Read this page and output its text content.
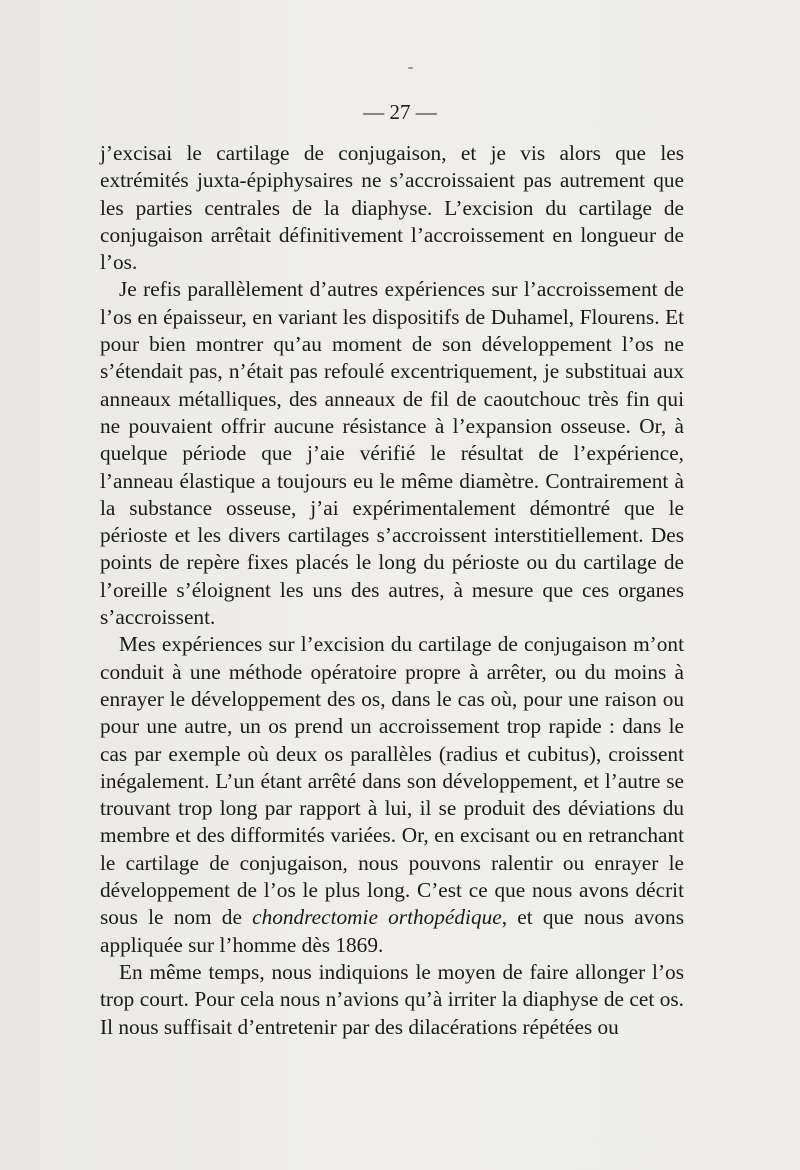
— 27 —

j’excisai le cartilage de conjugaison, et je vis alors que les extrémités juxta-épiphysaires ne s’accroissaient pas autrement que les parties centrales de la diaphyse. L’excision du cartilage de conjugaison arrêtait définitivement l’accroissement en longueur de l’os.

Je refis parallèlement d’autres expériences sur l’accroissement de l’os en épaisseur, en variant les dispositifs de Duhamel, Flourens. Et pour bien montrer qu’au moment de son développement l’os ne s’étendait pas, n’était pas refoulé excentriquement, je substituai aux anneaux métalliques, des anneaux de fil de caoutchouc très fin qui ne pouvaient offrir aucune résistance à l’expansion osseuse. Or, à quelque période que j’aie vérifié le résultat de l’expérience, l’anneau élastique a toujours eu le même diamètre. Contrairement à la substance osseuse, j’ai expérimentalement démontré que le périoste et les divers cartilages s’accroissent interstitiellement. Des points de repère fixes placés le long du périoste ou du cartilage de l’oreille s’éloignent les uns des autres, à mesure que ces organes s’accroissent.

Mes expériences sur l’excision du cartilage de conjugaison m’ont conduit à une méthode opératoire propre à arrêter, ou du moins à enrayer le développement des os, dans le cas où, pour une raison ou pour une autre, un os prend un accroissement trop rapide : dans le cas par exemple où deux os parallèles (radius et cubitus), croissent inégalement. L’un étant arrêté dans son développement, et l’autre se trouvant trop long par rapport à lui, il se produit des déviations du membre et des difformités variées. Or, en excisant ou en retranchant le cartilage de conjugaison, nous pouvons ralentir ou enrayer le développement de l’os le plus long. C’est ce que nous avons décrit sous le nom de chondrectomie orthopédique, et que nous avons appliquée sur l’homme dès 1869.

En même temps, nous indiquions le moyen de faire allonger l’os trop court. Pour cela nous n’avions qu’à irriter la diaphyse de cet os. Il nous suffisait d’entretenir par des dilacérations répétées ou
